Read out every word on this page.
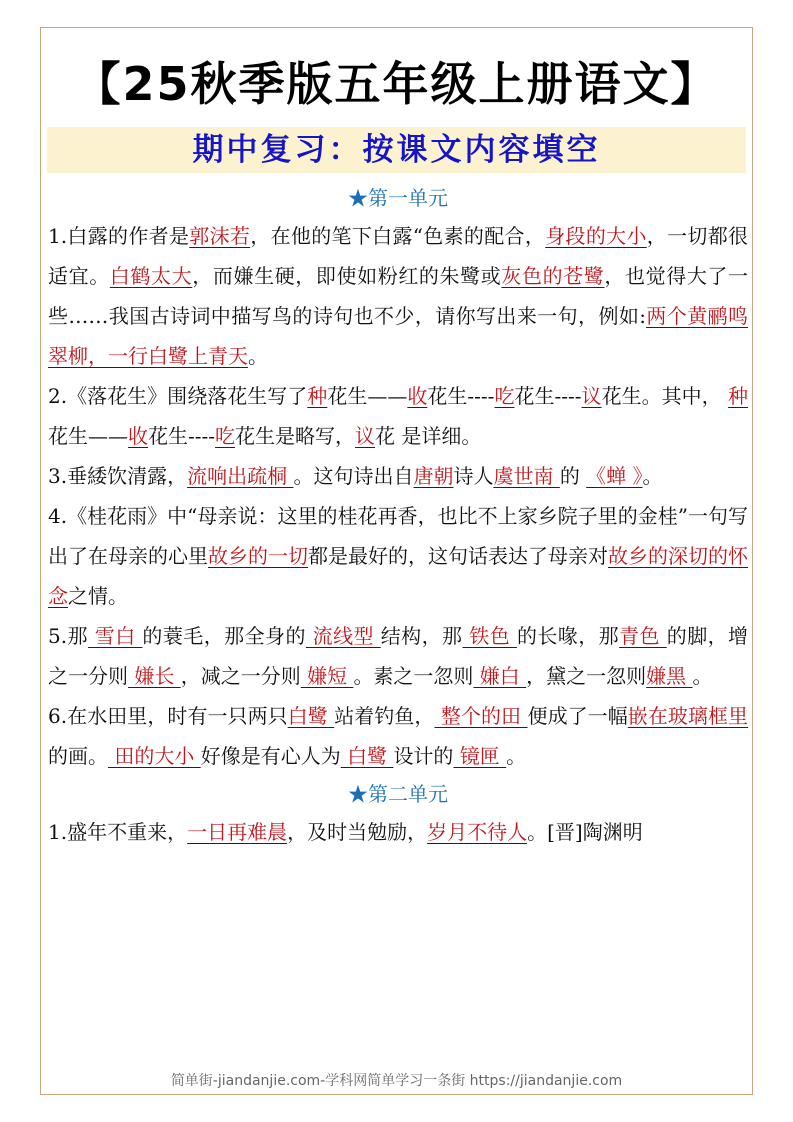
【25秋季版五年级上册语文】
期中复习：按课文内容填空
★第一单元
1.白露的作者是郭沫若，在他的笔下白露“色素的配合，身段的大小，一切都很适宜。白鹤太大，而嫌生硬，即使如粉红的朱鹭或灰色的苍鹭，也觉得大了一些……我国古诗词中描写鸟的诗句也不少，请你写出来一句，例如:两个黄鹂鸣翠柳，一行白鹭上青天。
2.《落花生》围绕落花生写了种花生——收花生----吃花生----议花生。其中， 种花生——收花生----吃花生是略写，议花 是详细。
3.垂緌饮清露，流响出疏桐 。这句诗出自唐朝诗人虞世南 的 《蝉 》。
4.《桂花雨》中“母亲说：这里的桂花再香，也比不上家乡院子里的金桂”一句写出了在母亲的心里故乡的一切都是最好的，这句话表达了母亲对故乡的深切的怀念之情。
5.那 雪白 的蓑毛，那全身的 流线型 结构，那 铁色 的长喙，那青色 的脚，增之一分则 嫌长 ，减之一分则 嫌短 。素之一忽则 嫌白 ，黛之一忽则嫌黑 。
6.在水田里，时有一只两只白鹭 站着钓鱼， 整个的田 便成了一幅嵌在玻璃框里 的画。 田的大小 好像是有心人为 白鹭 设计的 镜匣 。
★第二单元
1.盛年不重来，一日再难晨，及时当勉励，岁月不待人。[晋]陶渊明
简单街-jiandanjie.com-学科网简单学习一条街 https://jiandanjie.com
